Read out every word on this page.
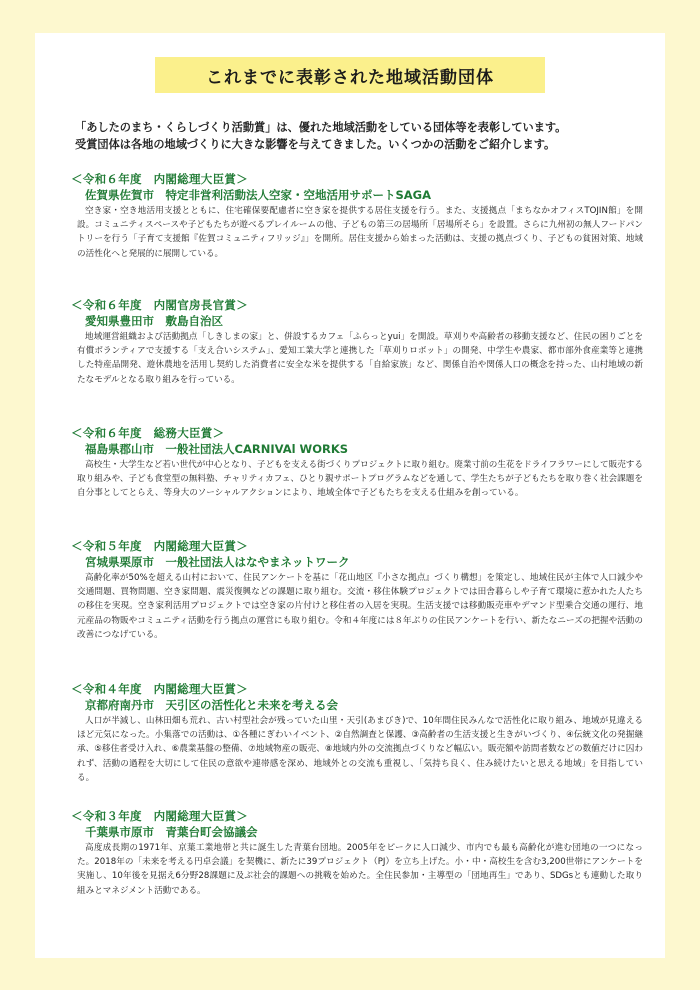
これまでに表彰された地域活動団体

「あしたのまち・くらしづくり活動賞」は、優れた地域活動をしている団体等を表彰しています。

受賞団体は各地の地域づくりに大きな影響を与えてきました。いくつかの活動をご紹介します。

＜令和６年度　内閣総理大臣賞＞
佐賀県佐賀市　特定非営利活動法人空家・空地活用サポートSAGA
空き家・空き地活用支援とともに、住宅確保要配慮者に空き家を提供する居住支援を行う。また、支援拠点「まちなかオフィスTOJIN館」を開設。コミュニティスペースや子どもたちが遊べるプレイルームの他、子どもの第三の居場所「居場所そら」を設置。さらに九州初の無人フードパントリーを行う「子育て支援館『佐賀コミュニティフリッジ』」を開所。居住支援から始まった活動は、支援の拠点づくり、子どもの貧困対策、地域の活性化へと発展的に展開している。
＜令和６年度　内閣官房長官賞＞
愛知県豊田市　敷島自治区
地域運営組織および活動拠点「しきしまの家」と、併設するカフェ「ふらっとyui」を開設。草刈りや高齢者の移動支援など、住民の困りごとを有償ボランティアで支援する「支え合いシステム」、愛知工業大学と連携した「草刈りロボット」の開発、中学生や農家、都市部外食産業等と連携した特産品開発、遊休農地を活用し契約した消費者に安全な米を提供する「自給家族」など、関係自治や関係人口の概念を持った、山村地域の新たなモデルとなる取り組みを行っている。
＜令和６年度　総務大臣賞＞
福島県郡山市　一般社団法人CARNIVAl WORKS
高校生・大学生など若い世代が中心となり、子どもを支える街づくりプロジェクトに取り組む。廃業寸前の生花をドライフラワーにして販売する取り組みや、子ども食堂型の無料塾、チャリティカフェ、ひとり親サポートプログラムなどを通して、学生たちが子どもたちを取り巻く社会課題を自分事としてとらえ、等身大のソーシャルアクションにより、地域全体で子どもたちを支える仕組みを創っている。
＜令和５年度　内閣総理大臣賞＞
宮城県栗原市　一般社団法人はなやまネットワーク
高齢化率が50%を超える山村において、住民アンケートを基に「花山地区『小さな拠点』づくり構想」を策定し、地域住民が主体で人口減少や交通問題、買物問題、空き家問題、震災復興などの課題に取り組む。交流・移住体験プロジェクトでは田舎暮らしや子育て環境に惹かれた人たちの移住を実現。空き家利活用プロジェクトでは空き家の片付けと移住者の入居を実現。生活支援では移動販売車やデマンド型乗合交通の運行、地元産品の物販やコミュニティ活動を行う拠点の運営にも取り組む。令和４年度には８年ぶりの住民アンケートを行い、新たなニーズの把握や活動の改善につなげている。
＜令和４年度　内閣総理大臣賞＞
京都府南丹市　天引区の活性化と未来を考える会
人口が半減し、山林田畑も荒れ、古い村型社会が残っていた山里・天引(あまびき)で、10年間住民みんなで活性化に取り組み、地域が見違えるほど元気になった。小集落での活動は、①各種にぎわいイベント、②自然調査と保護、③高齢者の生活支援と生きがいづくり、④伝統文化の発掘継承、⑤移住者受け入れ、⑥農業基盤の整備、⑦地域物産の販売、⑧地域内外の交流拠点づくりなど幅広い。販売額や訪問者数などの数値だけに囚われず、活動の過程を大切にして住民の意欲や連帯感を深め、地域外との交流も重視し、「気持ち良く、住み続けたいと思える地域」を目指している。
＜令和３年度　内閣総理大臣賞＞
千葉県市原市　青葉台町会協議会
高度成長期の1971年、京葉工業地帯と共に誕生した青葉台団地。2005年をピークに人口減少、市内でも最も高齢化が進む団地の一つになった。2018年の「未来を考える円卓会議」を契機に、新たに39プロジェクト（PJ）を立ち上げた。小・中・高校生を含む3,200世帯にアンケートを実施し、10年後を見据え6分野28課題に及ぶ社会的課題への挑戦を始めた。全住民参加・主導型の「団地再生」であり、SDGsとも連動した取り組みとマネジメント活動である。
